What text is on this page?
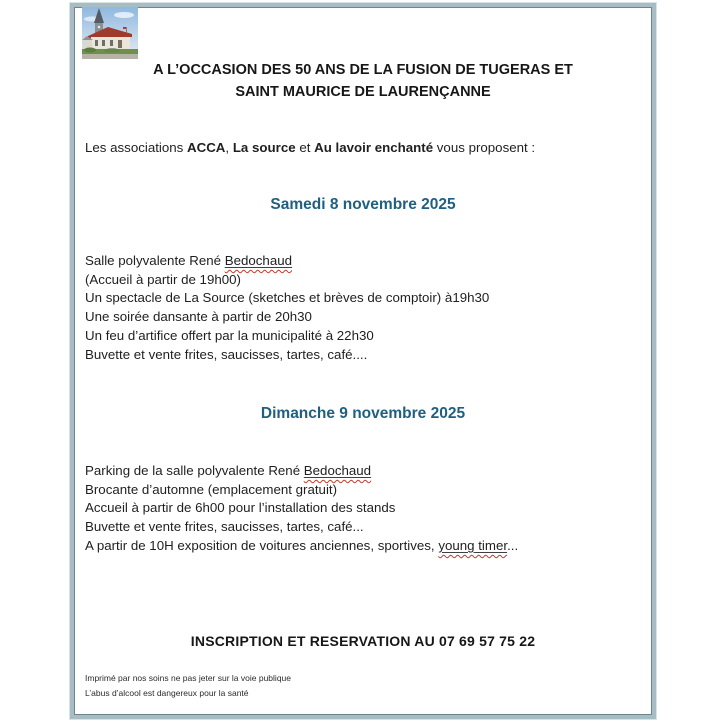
A L’OCCASION DES 50 ANS DE LA FUSION DE TUGERAS ET
SAINT MAURICE DE LAURENÇANNE
Les associations ACCA, La source et Au lavoir enchanté vous proposent :
Samedi 8 novembre 2025
Salle polyvalente René Bedochaud
(Accueil à partir de 19h00)
Un spectacle de La Source (sketches et brèves de comptoir) à19h30
Une soirée dansante à partir de 20h30
Un feu d’artifice offert par la municipalité à 22h30
Buvette et vente frites, saucisses, tartes, café....
Dimanche 9 novembre 2025
Parking de la salle polyvalente René Bedochaud
Brocante d’automne (emplacement gratuit)
Accueil à partir de 6h00 pour l’installation des stands
Buvette et vente frites, saucisses, tartes, café...
A partir de 10H exposition de voitures anciennes, sportives, young timer...
INSCRIPTION ET RESERVATION AU 07 69 57 75 22
Imprimé par nos soins ne pas jeter sur la voie publique
L’abus d’alcool est dangereux pour la santé
